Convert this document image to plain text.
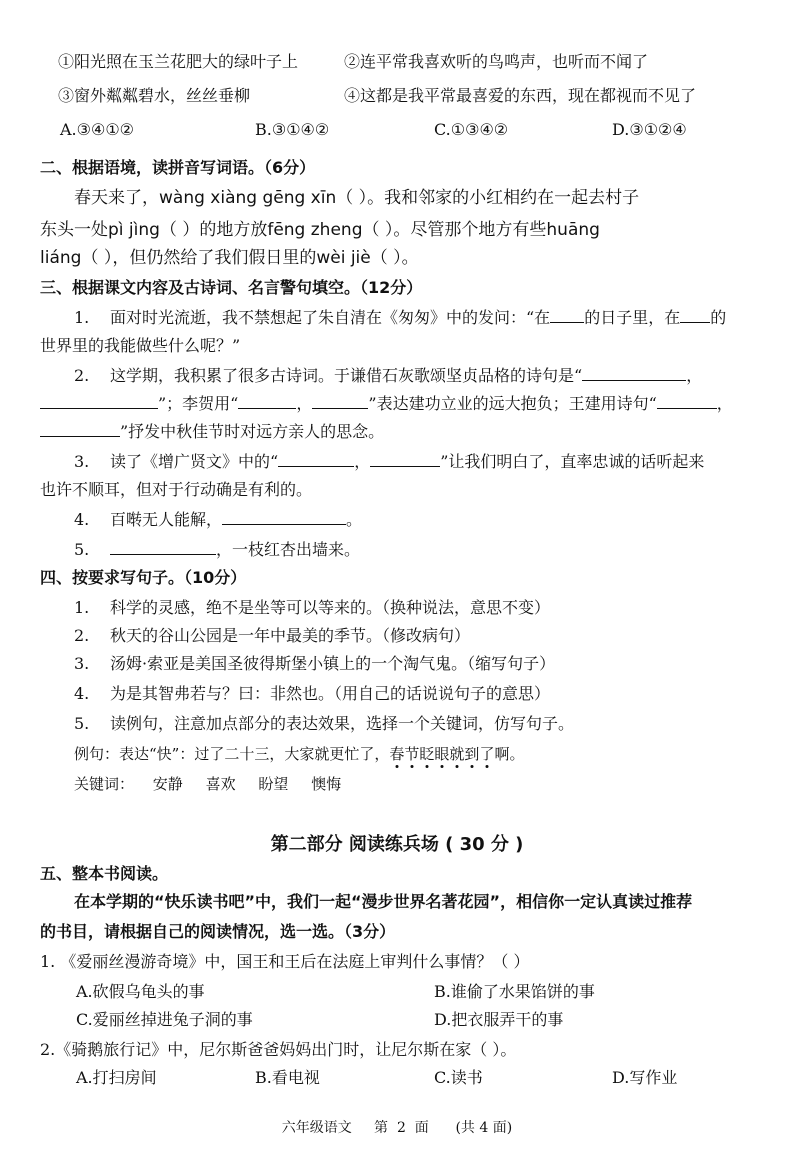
①阳光照在玉兰花肥大的绿叶子上	②连平常我喜欢听的鸟鸣声，也听而不闻了
③窗外粼粼碧水，丝丝垂柳	④这都是我平常最喜爱的东西，现在都视而不见了
A.③④①②	B.③①④②	C.①③④②	D.③①②④
二、根据语境，读拼音写词语。（6分）
春天来了，wàng xiàng gēng xīn（ ）。我和邻家的小红相约在一起去村子
东头一处pì jìng（ ）的地方放fēng zheng（ ）。尽管那个地方有些huāng
liáng（ ），但仍然给了我们假日里的wèi jiè（ ）。
三、根据课文内容及古诗词、名言警句填空。（12分）
1. 面对时光流逝，我不禁想起了朱自清在《匆匆》中的发问：“在 的日子里，在 的
世界里的我能做些什么呢？”
2. 这学期，我积累了很多古诗词。于谦借石灰歌颂坚贞品格的诗句是“	，
”；李贺用“	，	”表达建功立业的远大抱负；王建用诗句“	，
”抒发中秋佳节时对远方亲人的思念。
3. 读了《增广贤文》中的“	，	”让我们明白了，直率忠诚的话听起来
也许不顺耳，但对于行动确是有利的。
4. 百啭无人能解，	。
5.	，一枝红杏出墙来。
四、按要求写句子。（10分）
1. 科学的灵感，绝不是坐等可以等来的。（换种说法，意思不变）
2. 秋天的谷山公园是一年中最美的季节。（修改病句）
3. 汤姆·索亚是美国圣彼得斯堡小镇上的一个淘气鬼。（缩写句子）
4. 为是其智弗若与？曰：非然也。（用自己的话说说句子的意思）
5. 读例句，注意加点部分的表达效果，选择一个关键词，仿写句子。
例句：表达“快”：过了二十三，大家就更忙了，春节眨眼就到了啊。
关键词： 安静 喜欢 盼望 懊悔
第二部分 阅读练兵场 ( 30 分 )
五、整本书阅读。
在本学期的“快乐读书吧”中，我们一起“漫步世界名著花园”，相信你一定认真读过推荐
的书目，请根据自己的阅读情况，选一选。（3分）
1. 《爱丽丝漫游奇境》中，国王和王后在法庭上审判什么事情？（ ）
A.砍假乌龟头的事	B.谁偷了水果馅饼的事
C.爱丽丝掉进兔子洞的事	D.把衣服弄干的事
2.《骑鹅旅行记》中，尼尔斯爸爸妈妈出门时，让尼尔斯在家（ ）。
A.打扫房间	B.看电视	C.读书	D.写作业
六年级语文     第  2  面      (共 4 面)
